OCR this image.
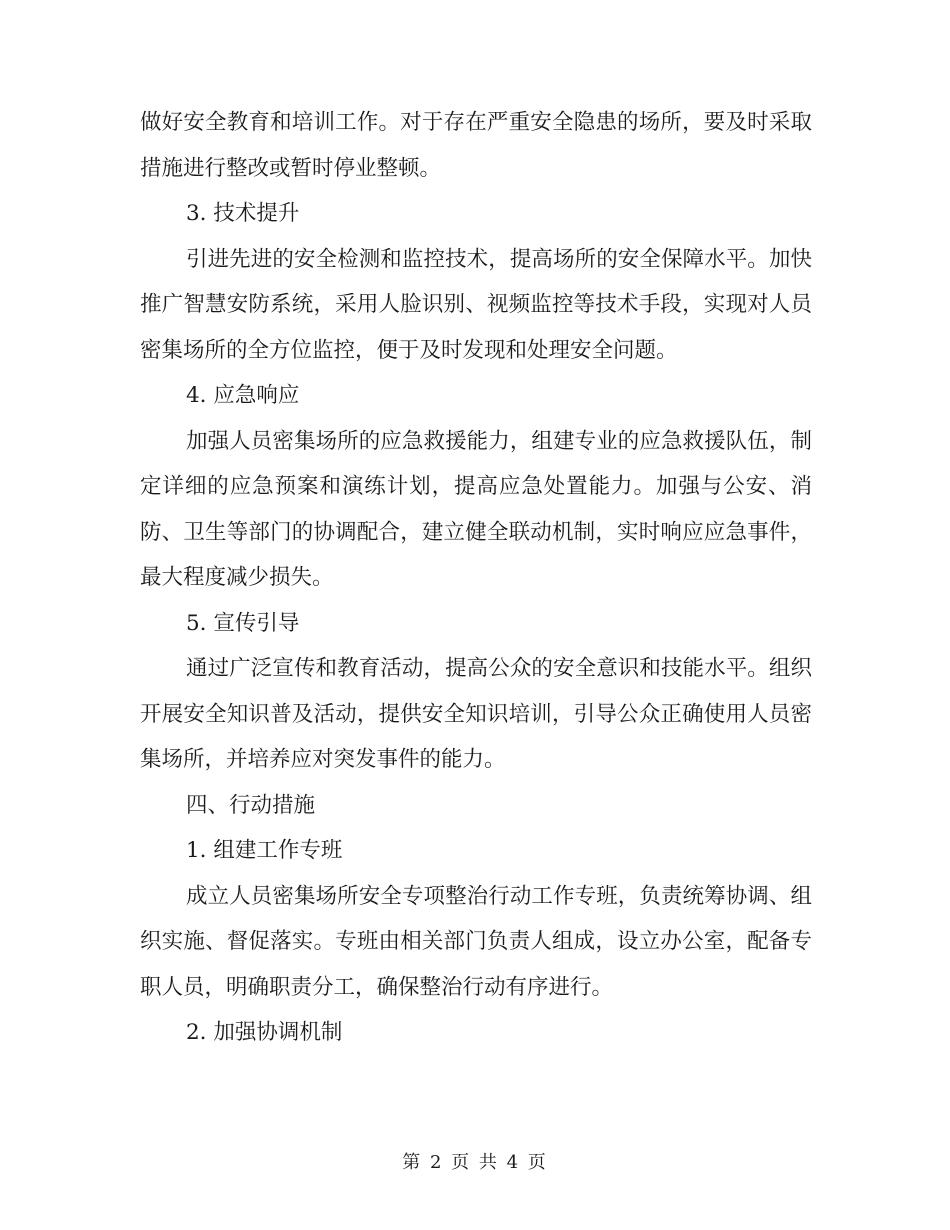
做好安全教育和培训工作。对于存在严重安全隐患的场所，要及时采取措施进行整改或暂时停业整顿。

3. 技术提升

引进先进的安全检测和监控技术，提高场所的安全保障水平。加快推广智慧安防系统，采用人脸识别、视频监控等技术手段，实现对人员密集场所的全方位监控，便于及时发现和处理安全问题。

4. 应急响应

加强人员密集场所的应急救援能力，组建专业的应急救援队伍，制定详细的应急预案和演练计划，提高应急处置能力。加强与公安、消防、卫生等部门的协调配合，建立健全联动机制，实时响应应急事件，最大程度减少损失。

5. 宣传引导

通过广泛宣传和教育活动，提高公众的安全意识和技能水平。组织开展安全知识普及活动，提供安全知识培训，引导公众正确使用人员密集场所，并培养应对突发事件的能力。

四、行动措施

1. 组建工作专班

成立人员密集场所安全专项整治行动工作专班，负责统筹协调、组织实施、督促落实。专班由相关部门负责人组成，设立办公室，配备专职人员，明确职责分工，确保整治行动有序进行。

2. 加强协调机制

第 2 页 共 4 页
